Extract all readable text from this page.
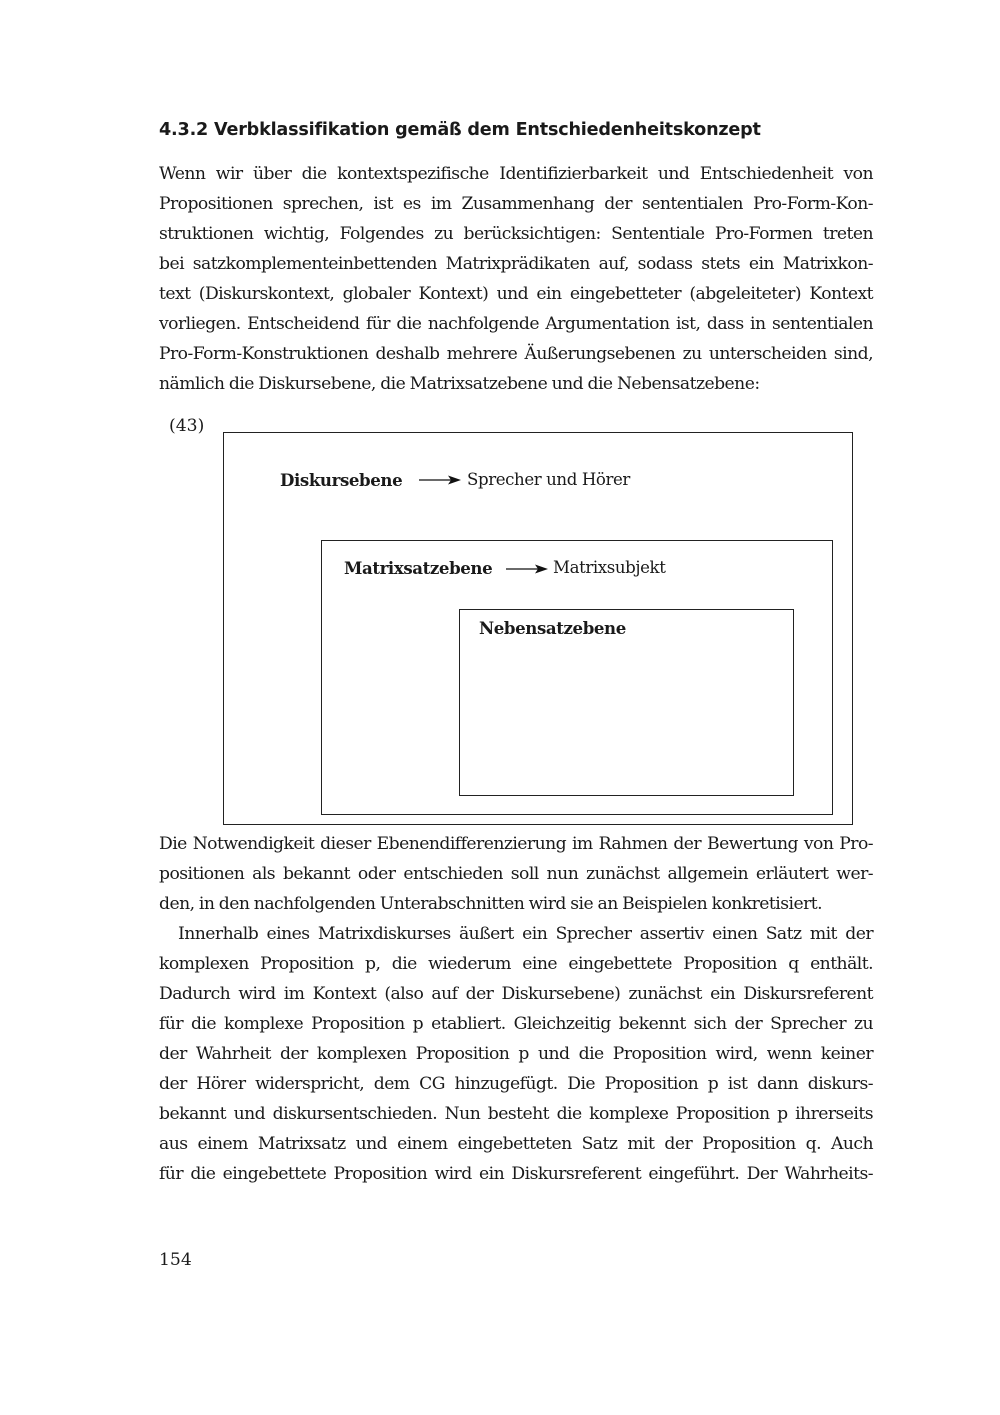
4.3.2 Verbklassifikation gemäß dem Entschiedenheitskonzept
Wenn wir über die kontextspezifische Identifizierbarkeit und Entschiedenheit von
Propositionen sprechen, ist es im Zusammenhang der sententialen Pro-Form-Kon-
struktionen wichtig, Folgendes zu berücksichtigen: Sententiale Pro-Formen treten
bei satzkomplementeinbettenden Matrixprädikaten auf, sodass stets ein Matrixkon-
text (Diskurskontext, globaler Kontext) und ein eingebetteter (abgeleiteter) Kontext
vorliegen. Entscheidend für die nachfolgende Argumentation ist, dass in sententialen
Pro-Form-Konstruktionen deshalb mehrere Äußerungsebenen zu unterscheiden sind,
nämlich die Diskursebene, die Matrixsatzebene und die Nebensatzebene:
(43)
Diskursebene	Sprecher und Hörer
Matrixsatzebene	Matrixsubjekt
Nebensatzebene
Die Notwendigkeit dieser Ebenendifferenzierung im Rahmen der Bewertung von Pro-
positionen als bekannt oder entschieden soll nun zunächst allgemein erläutert wer-
den, in den nachfolgenden Unterabschnitten wird sie an Beispielen konkretisiert.
Innerhalb eines Matrixdiskurses äußert ein Sprecher assertiv einen Satz mit der
komplexen Proposition p, die wiederum eine eingebettete Proposition q enthält.
Dadurch wird im Kontext (also auf der Diskursebene) zunächst ein Diskursreferent
für die komplexe Proposition p etabliert. Gleichzeitig bekennt sich der Sprecher zu
der Wahrheit der komplexen Proposition p und die Proposition wird, wenn keiner
der Hörer widerspricht, dem CG hinzugefügt. Die Proposition p ist dann diskurs-
bekannt und diskursentschieden. Nun besteht die komplexe Proposition p ihrerseits
aus einem Matrixsatz und einem eingebetteten Satz mit der Proposition q. Auch
für die eingebettete Proposition wird ein Diskursreferent eingeführt. Der Wahrheits-
154
